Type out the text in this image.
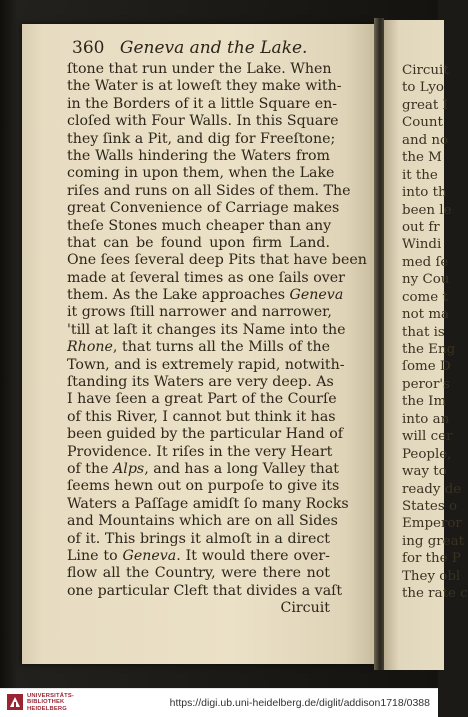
360 Geneva and the Lake.
ſtone that run under the Lake. When
the Water is at loweſt they make with-
in the Borders of it a little Square en-
cloſed with Four Walls. In this Square
they ſink a Pit, and dig for Freeſtone;
the Walls hindering the Waters from
coming in upon them, when the Lake
riſes and runs on all Sides of them. The
great Convenience of Carriage makes
theſe Stones much cheaper than any
that can be found upon firm Land.
One ſees ſeveral deep Pits that have been
made at ſeveral times as one ſails over
them. As the Lake approaches Geneva
it grows ſtill narrower and narrower,
'till at laſt it changes its Name into the
Rhone, that turns all the Mills of the
Town, and is extremely rapid, notwith-
ſtanding its Waters are very deep. As
I have ſeen a great Part of the Courſe
of this River, I cannot but think it has
been guided by the particular Hand of
Providence. It riſes in the very Heart
of the Alps, and has a long Valley that
ſeems hewn out on purpoſe to give its
Waters a Paſſage amidſt ſo many Rocks
and Mountains which are on all Sides
of it. This brings it almoſt in a direct
Line to Geneva. It would there over-
flow all the Country, were there not
one particular Cleft that divides a vaſt
Circuit
Circuit
to Lyo
great I
Count
and no
the M
it the
into th
been le
out fr
Windi
med ſe
ny Cou
come t
not ma
that is
the Eng
ſome D
peror's
the Im
into an
will cer
People,
way to
ready de
States o
Emperor
ing great
for the P
They obl
the rate c
UNIVERSITÄTS-
BIBLIOTHEK
HEIDELBERG	https://digi.ub.uni-heidelberg.de/diglit/addison1718/0388
